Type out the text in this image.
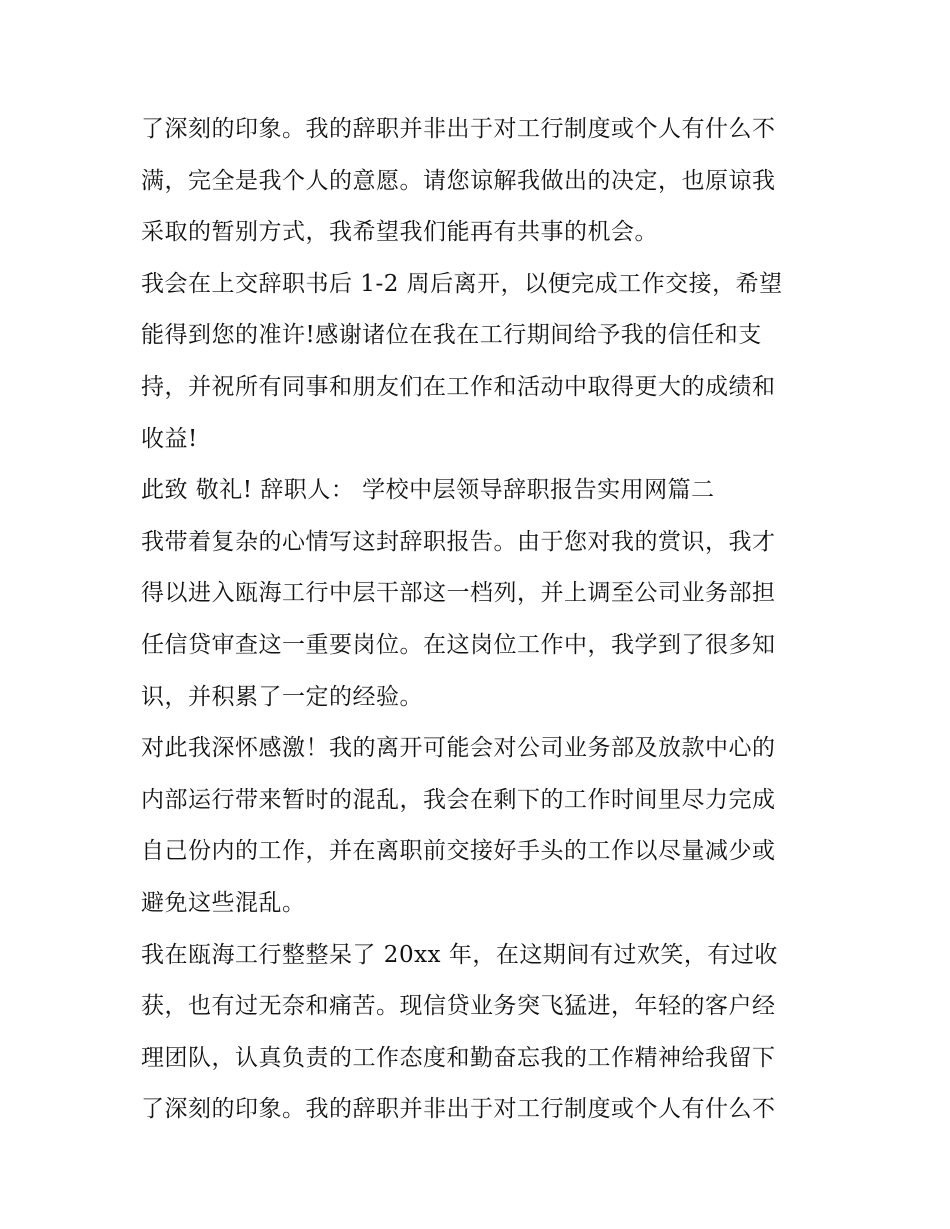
了深刻的印象。我的辞职并非出于对工行制度或个人有什么不
满，完全是我个人的意愿。请您谅解我做出的决定，也原谅我
采取的暂别方式，我希望我们能再有共事的机会。
我会在上交辞职书后 1-2 周后离开，以便完成工作交接，希望
能得到您的准许!感谢诸位在我在工行期间给予我的信任和支
持，并祝所有同事和朋友们在工作和活动中取得更大的成绩和
收益!
此致 敬礼! 辞职人： 学校中层领导辞职报告实用网篇二
我带着复杂的心情写这封辞职报告。由于您对我的赏识，我才
得以进入瓯海工行中层干部这一档列，并上调至公司业务部担
任信贷审查这一重要岗位。在这岗位工作中，我学到了很多知
识，并积累了一定的经验。
对此我深怀感激！我的离开可能会对公司业务部及放款中心的
内部运行带来暂时的混乱，我会在剩下的工作时间里尽力完成
自己份内的工作，并在离职前交接好手头的工作以尽量减少或
避免这些混乱。
我在瓯海工行整整呆了 20xx 年，在这期间有过欢笑，有过收
获，也有过无奈和痛苦。现信贷业务突飞猛进，年轻的客户经
理团队，认真负责的工作态度和勤奋忘我的工作精神给我留下
了深刻的印象。我的辞职并非出于对工行制度或个人有什么不
